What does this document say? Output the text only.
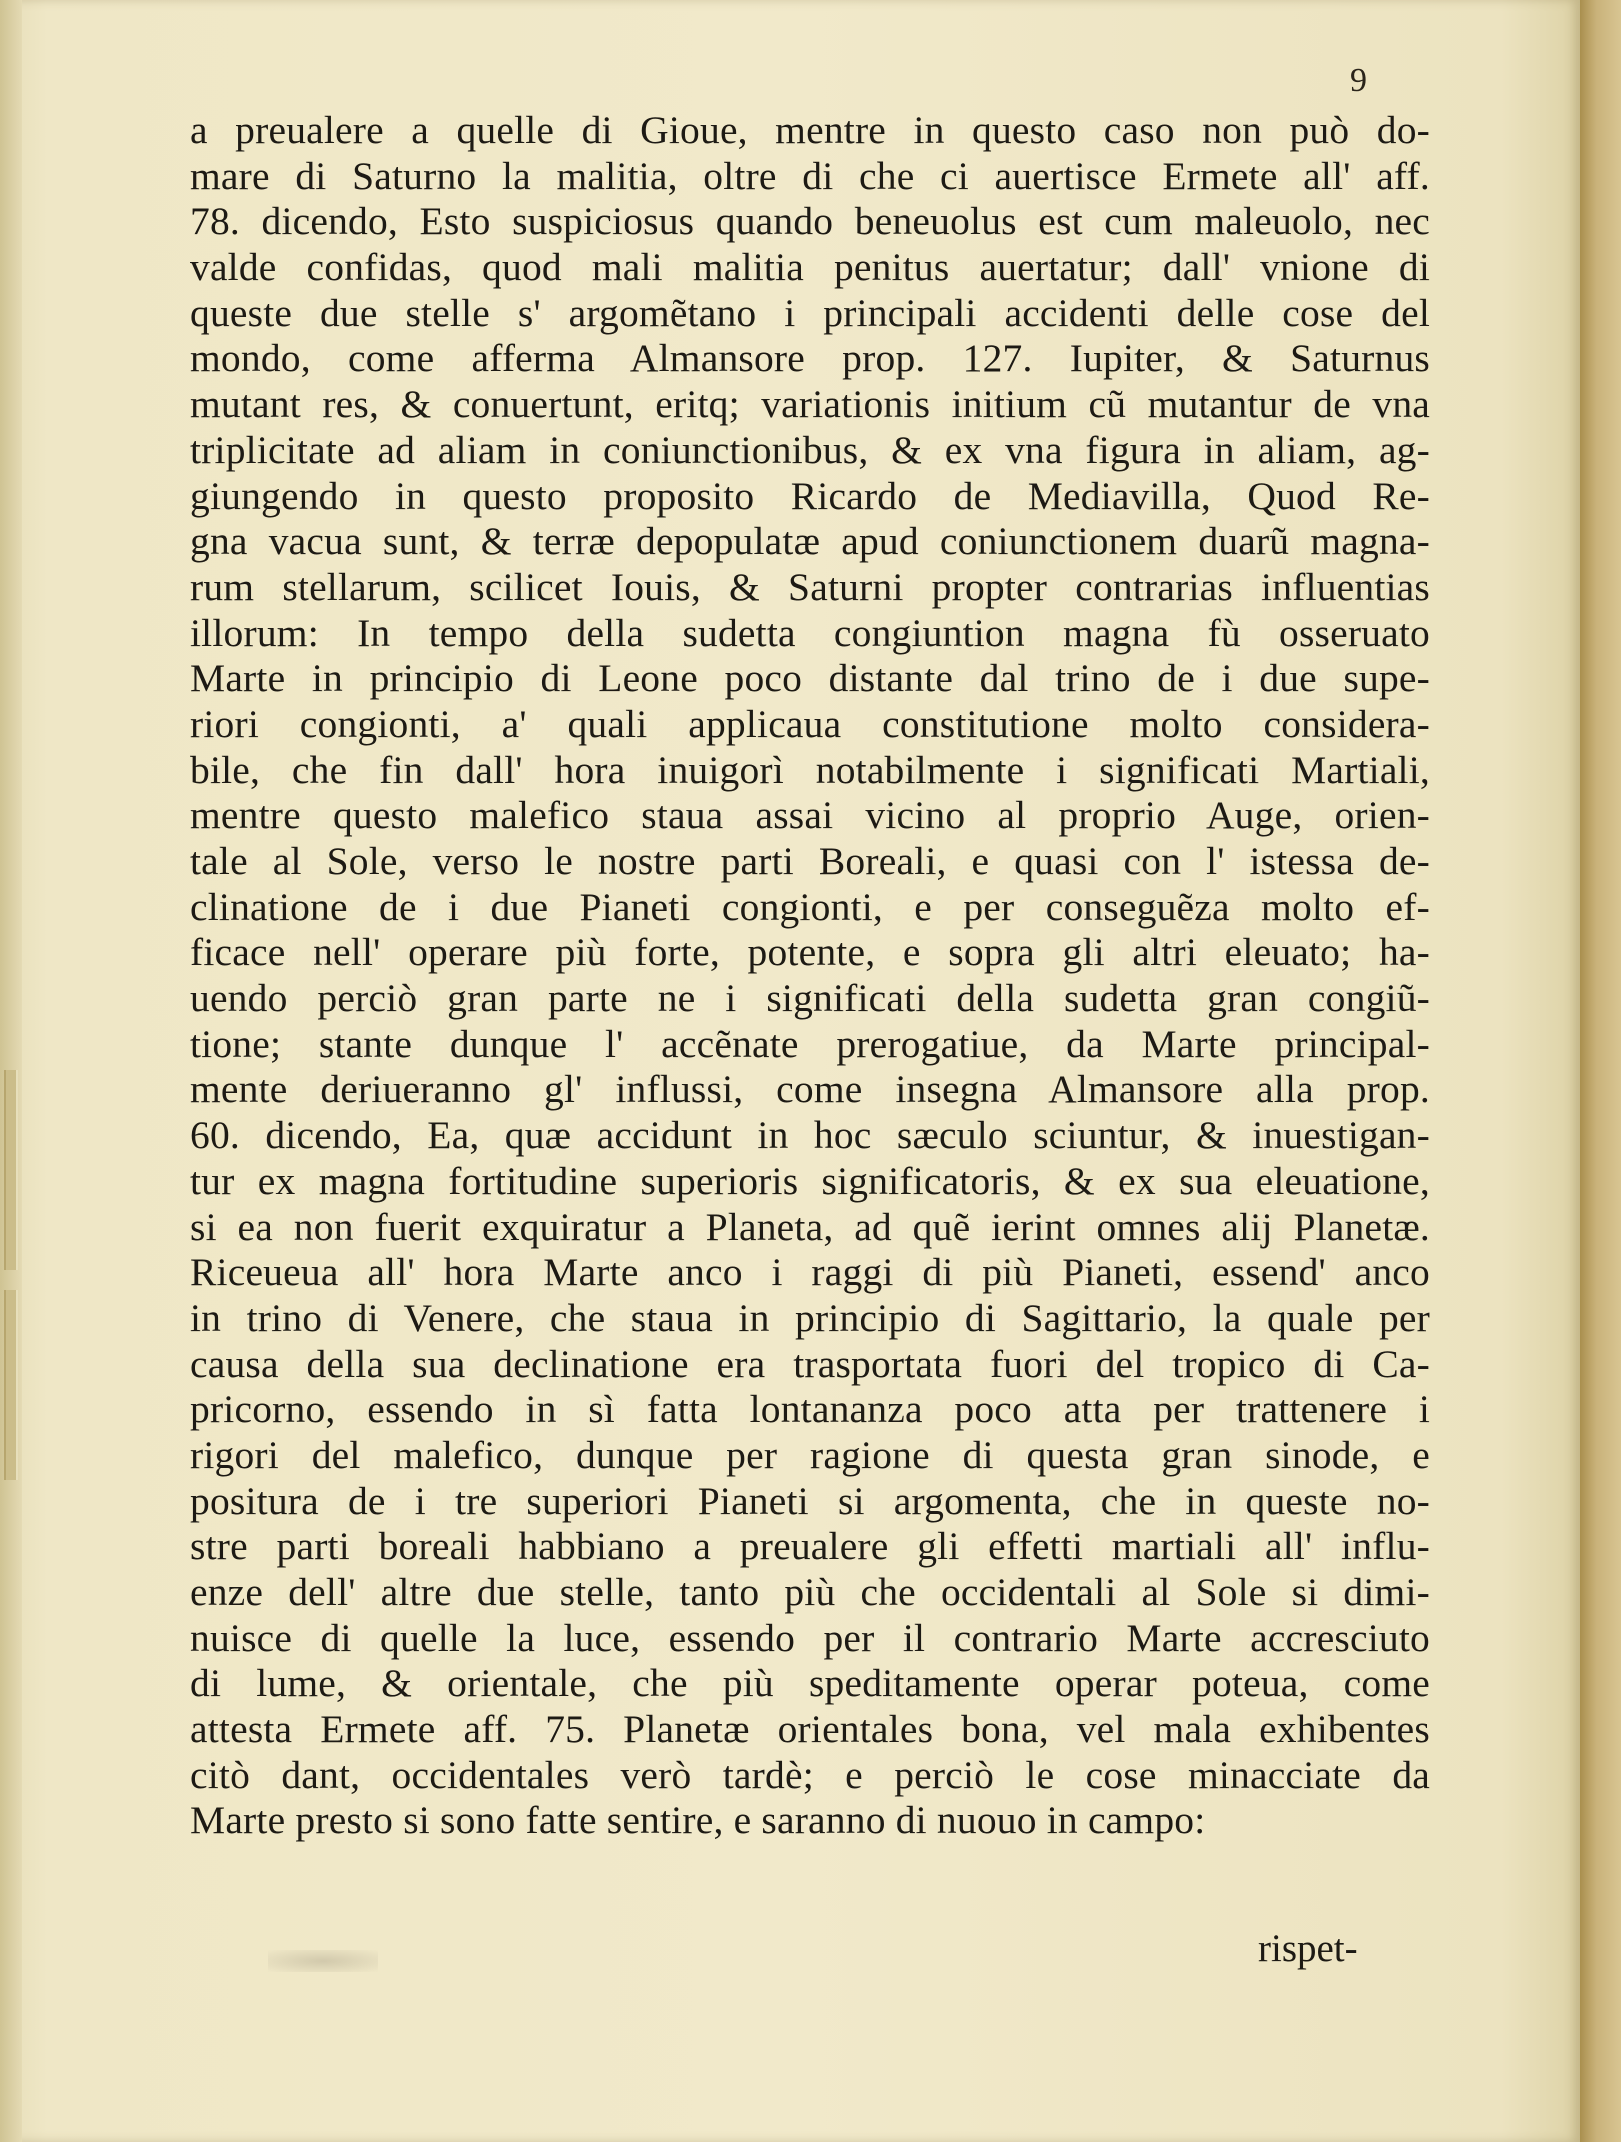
9
a preualere a quelle di Gioue, mentre in questo caso non può do-
mare di Saturno la malitia, oltre di che ci auertisce Ermete all' aff.
78. dicendo, Esto suspiciosus quando beneuolus est cum maleuolo, nec
valde confidas, quod mali malitia penitus auertatur; dall' vnione di
queste due stelle s' argomẽtano i principali accidenti delle cose del
mondo, come afferma Almansore prop. 127. Iupiter, & Saturnus
mutant res, & conuertunt, eritq; variationis initium cũ mutantur de vna
triplicitate ad aliam in coniunctionibus, & ex vna figura in aliam, ag-
giungendo in questo proposito Ricardo de Mediavilla, Quod Re-
gna vacua sunt, & terræ depopulatæ apud coniunctionem duarũ magna-
rum stellarum, scilicet Iouis, & Saturni propter contrarias influentias
illorum: In tempo della sudetta congiuntion magna fù osseruato
Marte in principio di Leone poco distante dal trino de i due supe-
riori congionti, a' quali applicaua constitutione molto considera-
bile, che fin dall' hora inuigorì notabilmente i significati Martiali,
mentre questo malefico staua assai vicino al proprio Auge, orien-
tale al Sole, verso le nostre parti Boreali, e quasi con l' istessa de-
clinatione de i due Pianeti congionti, e per conseguẽza molto ef-
ficace nell' operare più forte, potente, e sopra gli altri eleuato; ha-
uendo perciò gran parte ne i significati della sudetta gran congiũ-
tione; stante dunque l' accẽnate prerogatiue, da Marte principal-
mente deriueranno gl' influssi, come insegna Almansore alla prop.
60. dicendo, Ea, quæ accidunt in hoc sæculo sciuntur, & inuestigan-
tur ex magna fortitudine superioris significatoris, & ex sua eleuatione,
si ea non fuerit exquiratur a Planeta, ad quẽ ierint omnes alij Planetæ.
Riceueua all' hora Marte anco i raggi di più Pianeti, essend' anco
in trino di Venere, che staua in principio di Sagittario, la quale per
causa della sua declinatione era trasportata fuori del tropico di Ca-
pricorno, essendo in sì fatta lontananza poco atta per trattenere i
rigori del malefico, dunque per ragione di questa gran sinode, e
positura de i tre superiori Pianeti si argomenta, che in queste no-
stre parti boreali habbiano a preualere gli effetti martiali all' influ-
enze dell' altre due stelle, tanto più che occidentali al Sole si dimi-
nuisce di quelle la luce, essendo per il contrario Marte accresciuto
di lume, & orientale, che più speditamente operar poteua, come
attesta Ermete aff. 75. Planetæ orientales bona, vel mala exhibentes
citò dant, occidentales verò tardè; e perciò le cose minacciate da
Marte presto si sono fatte sentire, e saranno di nuouo in campo:
rispet-
